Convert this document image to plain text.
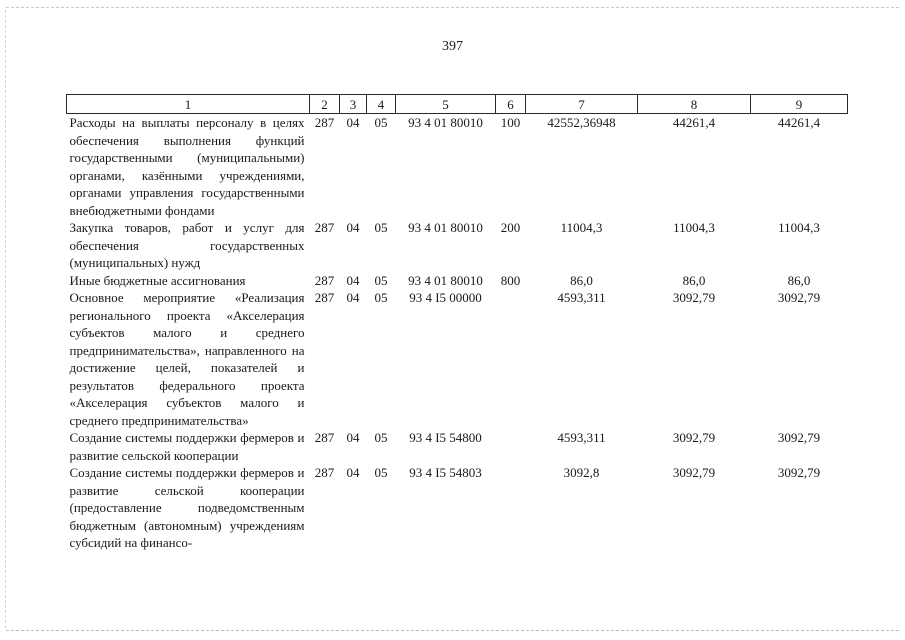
397
1	2	3	4	5	6	7	8	9
Расходы на выплаты персоналу в целях обеспечения выполнения функций государственными (муниципальными) органами, казёнными учреждениями, органами управления государственными внебюджетными фондами	287	04	05	93 4 01 80010	100	42552,36948	44261,4	44261,4
Закупка товаров, работ и услуг для обеспечения государственных (муниципальных) нужд	287	04	05	93 4 01 80010	200	11004,3	11004,3	11004,3
Иные бюджетные ассигнования	287	04	05	93 4 01 80010	800	86,0	86,0	86,0
Основное мероприятие «Реализация регионального проекта «Акселерация субъектов малого и среднего предпринимательства», направленного на достижение целей, показателей и результатов федерального проекта «Акселерация субъектов малого и среднего предпринимательства»	287	04	05	93 4 I5 00000		4593,311	3092,79	3092,79
Создание системы поддержки фермеров и развитие сельской кооперации	287	04	05	93 4 I5 54800		4593,311	3092,79	3092,79
Создание системы поддержки фермеров и развитие сельской кооперации (предоставление подведомственным бюджетным (автономным) учреждениям субсидий на финансо-	287	04	05	93 4 I5 54803		3092,8	3092,79	3092,79
